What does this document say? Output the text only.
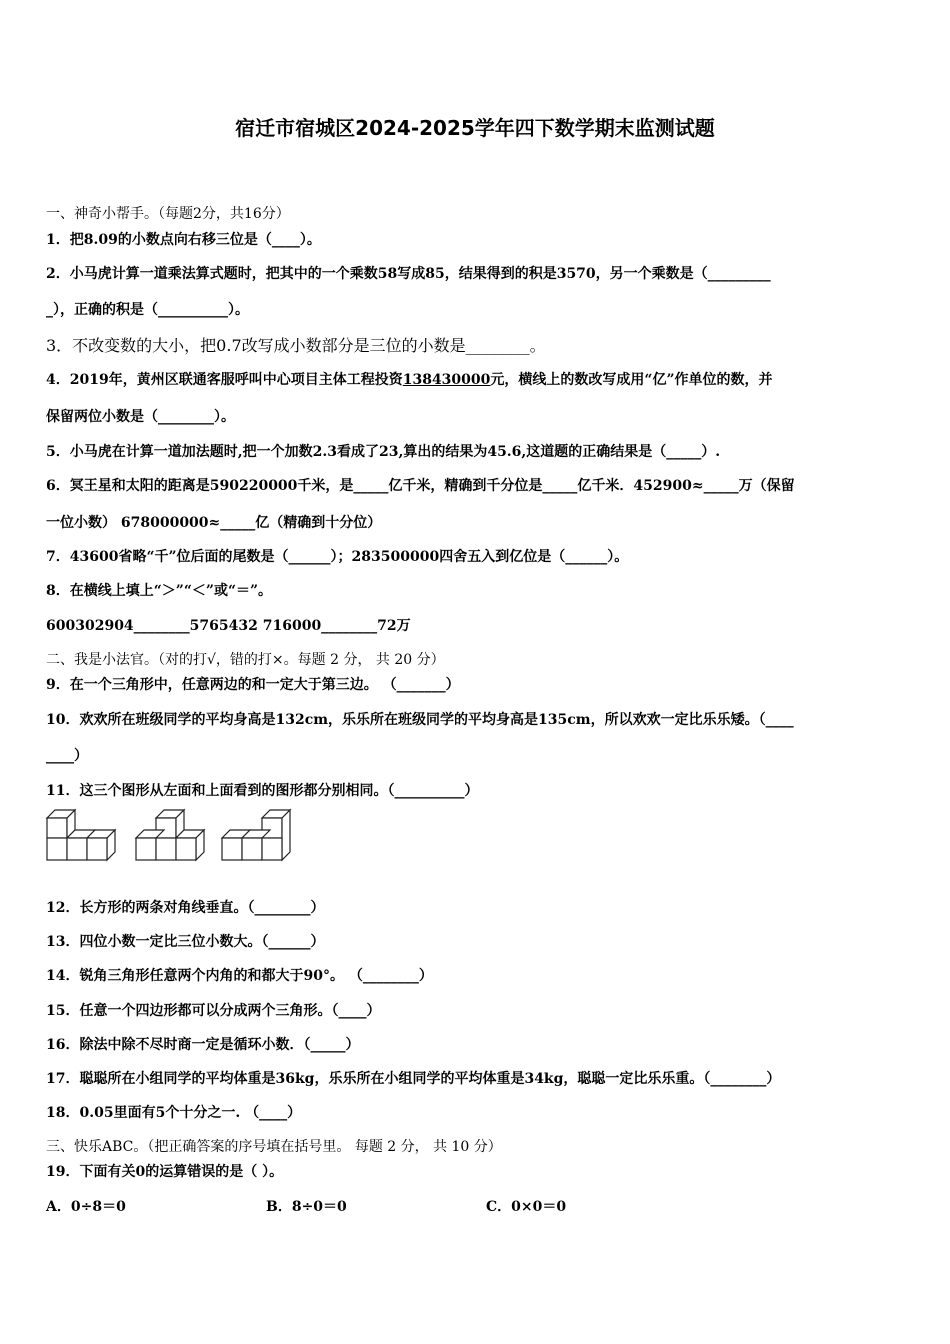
宿迁市宿城区2024-2025学年四下数学期末监测试题
一、神奇小帮手。（每题2分，共16分）
1．把8.09的小数点向右移三位是（____）。
2．小马虎计算一道乘法算式题时，把其中的一个乘数58写成85，结果得到的积是3570，另一个乘数是（_________
_），正确的积是（__________）。
3．不改变数的大小，把0.7改写成小数部分是三位的小数是________。
4．2019年，黄州区联通客服呼叫中心项目主体工程投资138430000元，横线上的数改写成用“亿”作单位的数，并
保留两位小数是（________）。
5．小马虎在计算一道加法题时,把一个加数2.3看成了23,算出的结果为45.6,这道题的正确结果是（_____）.
6．冥王星和太阳的距离是590220000千米，是_____亿千米，精确到千分位是_____亿千米．452900≈_____万（保留
一位小数） 678000000≈_____亿（精确到十分位）
7．43600省略“千”位后面的尾数是（______）；283500000四舍五入到亿位是（______）。
8．在横线上填上“＞”“＜”或“＝”。
600302904________5765432 716000________72万
二、我是小法官。（对的打√，错的打×。每题 2 分， 共 20 分）
9．在一个三角形中，任意两边的和一定大于第三边。 （_______）
10．欢欢所在班级同学的平均身高是132cm，乐乐所在班级同学的平均身高是135cm，所以欢欢一定比乐乐矮。（____
____）
11．这三个图形从左面和上面看到的图形都分别相同。（__________）
12．长方形的两条对角线垂直。（________）
13．四位小数一定比三位小数大。（______）
14．锐角三角形任意两个内角的和都大于90°。 （________）
15．任意一个四边形都可以分成两个三角形。（____）
16．除法中除不尽时商一定是循环小数．（_____）
17．聪聪所在小组同学的平均体重是36kg，乐乐所在小组同学的平均体重是34kg，聪聪一定比乐乐重。（________）
18．0.05里面有5个十分之一. （____）
三、快乐ABC。（把正确答案的序号填在括号里。 每题 2 分， 共 10 分）
19．下面有关0的运算错误的是（ ）。
A．0÷8＝0	B．8÷0＝0	C．0×0＝0
